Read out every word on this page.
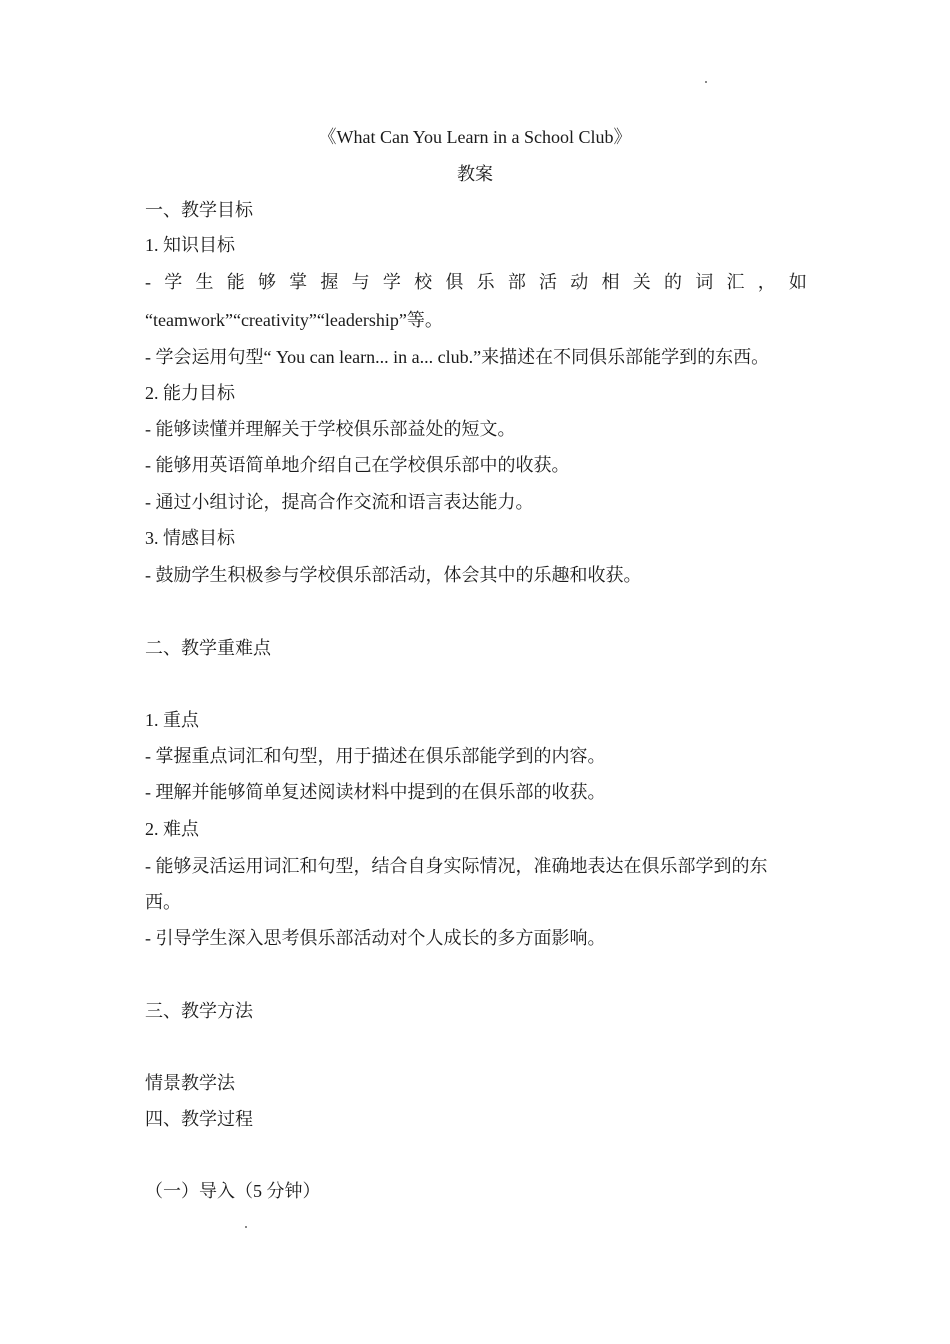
《What Can You Learn in a School Club》
教案
一、教学目标
1. 知识目标
- 学 生 能 够 掌 握 与 学 校 俱 乐 部 活 动 相 关 的 词 汇 ， 如
“teamwork”“creativity”“leadership”等。
- 学会运用句型“ You can learn... in a... club.”来描述在不同俱乐部能学到的东西。
2. 能力目标
- 能够读懂并理解关于学校俱乐部益处的短文。
- 能够用英语简单地介绍自己在学校俱乐部中的收获。
- 通过小组讨论，提高合作交流和语言表达能力。
3. 情感目标
- 鼓励学生积极参与学校俱乐部活动，体会其中的乐趣和收获。
二、教学重难点
1. 重点
- 掌握重点词汇和句型，用于描述在俱乐部能学到的内容。
- 理解并能够简单复述阅读材料中提到的在俱乐部的收获。
2. 难点
- 能够灵活运用词汇和句型，结合自身实际情况，准确地表达在俱乐部学到的东
西。
- 引导学生深入思考俱乐部活动对个人成长的多方面影响。
三、教学方法
情景教学法
四、教学过程
（一）导入（5 分钟）
